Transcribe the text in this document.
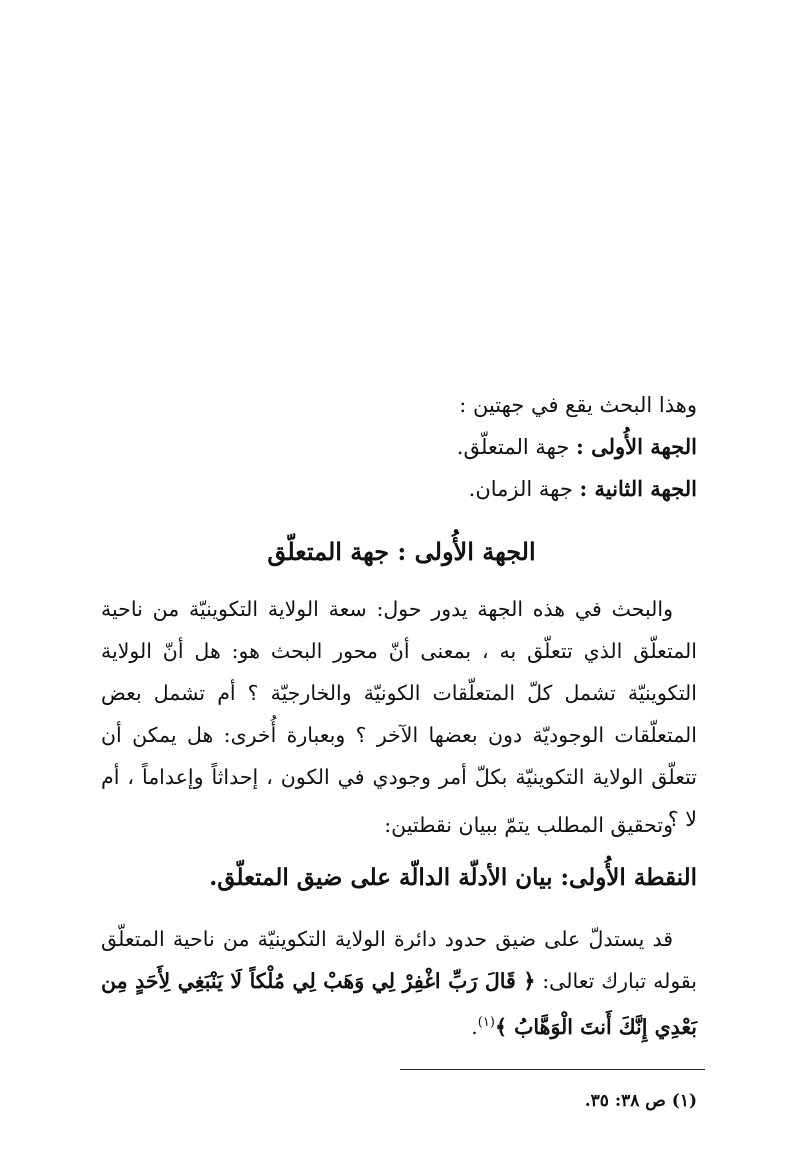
وهذا البحث يقع في جهتين :
الجهة الأُولى : جهة المتعلّق.
الجهة الثانية : جهة الزمان.
الجهة الأُولى : جهة المتعلّق

والبحث في هذه الجهة يدور حول: سعة الولاية التكوينيّة من ناحية المتعلّق الذي تتعلّق به ، بمعنى أنّ محور البحث هو: هل أنّ الولاية التكوينيّة تشمل كلّ المتعلّقات الكونيّة والخارجيّة ؟ أم تشمل بعض المتعلّقات الوجوديّة دون بعضها الآخر ؟ وبعبارة أُخرى: هل يمكن أن تتعلّق الولاية التكوينيّة بكلّ أمر وجودي في الكون ، إحداثاً وإعداماً ، أم لا ؟

وتحقيق المطلب يتمّ ببيان نقطتين:

النقطة الأُولى: بيان الأدلّة الدالّة على ضيق المتعلّق.

قد يستدلّ على ضيق حدود دائرة الولاية التكوينيّة من ناحية المتعلّق بقوله تبارك تعالى: ﴿ قَالَ رَبِّ اغْفِرْ لِي وَهَبْ لِي مُلْكاً لَا يَنْبَغِي لِأَحَدٍ مِن بَعْدِي إِنَّكَ أَنتَ الْوَهَّابُ ﴾$^{(١)}$.

(١) ص ٣٨: ٣٥.
